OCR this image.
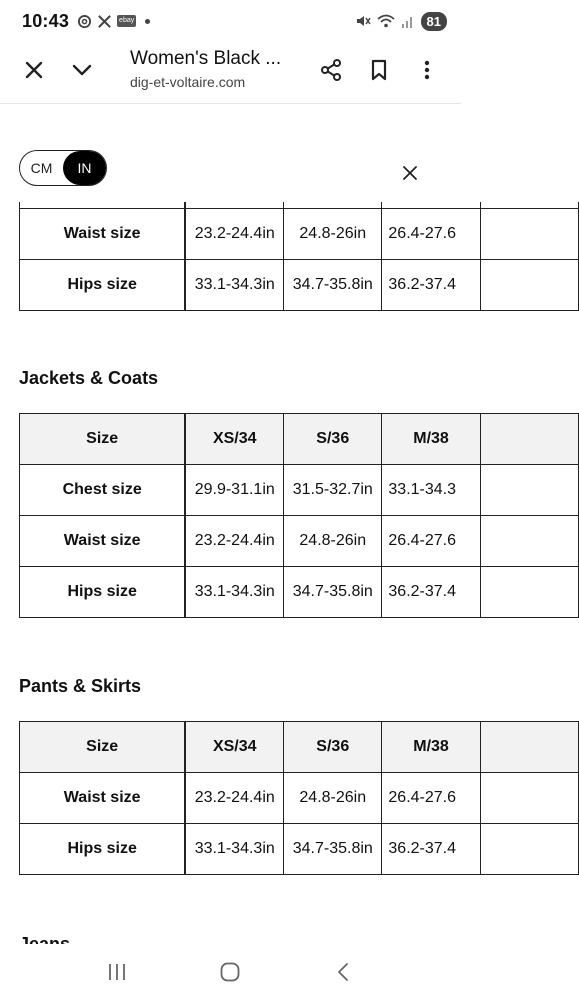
10:43	ebay	81
Women's Black ...
dig-et-voltaire.com
CM	IN

Waist size	23.2-24.4in	24.8-26in	26.4-27.6	
Hips size	33.1-34.3in	34.7-35.8in	36.2-37.4	
Jackets & Coats
Size	XS/34	S/36	M/38	
Chest size	29.9-31.1in	31.5-32.7in	33.1-34.3	
Waist size	23.2-24.4in	24.8-26in	26.4-27.6	
Hips size	33.1-34.3in	34.7-35.8in	36.2-37.4	
Pants & Skirts
Size	XS/34	S/36	M/38	
Waist size	23.2-24.4in	24.8-26in	26.4-27.6	
Hips size	33.1-34.3in	34.7-35.8in	36.2-37.4	
